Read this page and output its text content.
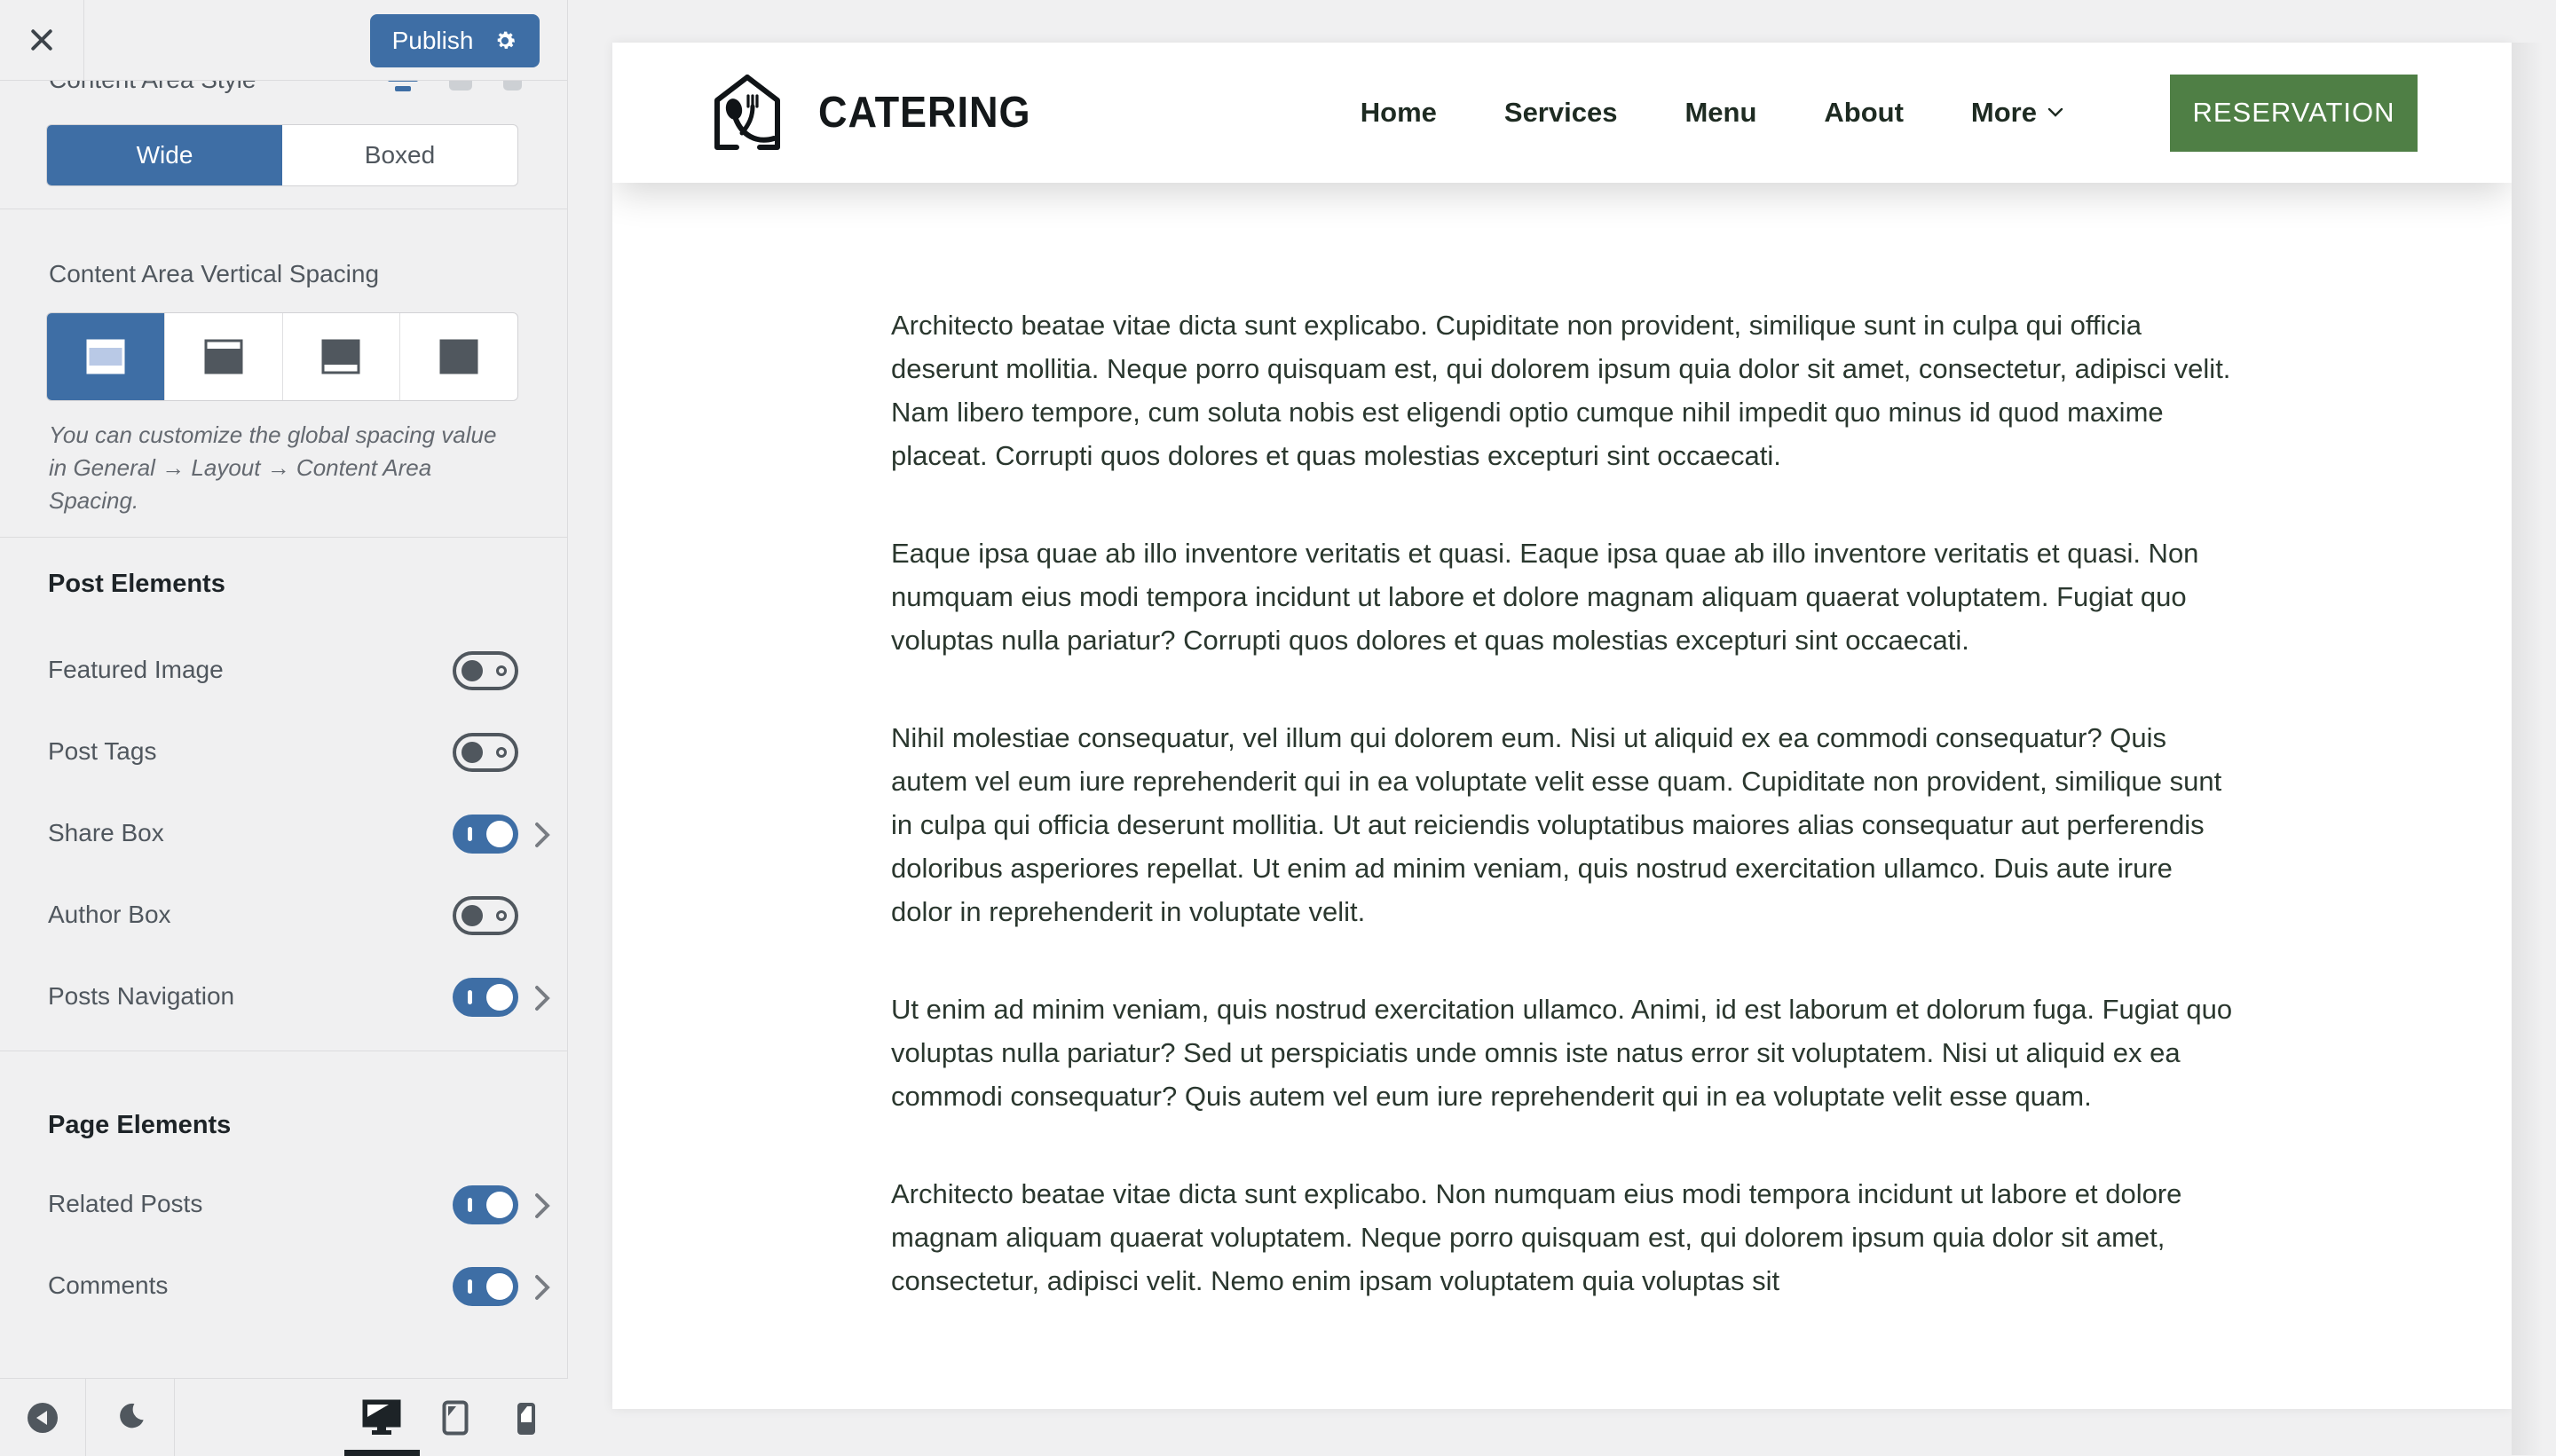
Publish
Wide	Boxed
Content Area Vertical Spacing
You can customize the global spacing value in General → Layout → Content Area Spacing.
Post Elements
Featured Image
Post Tags
Share Box
Author Box
Posts Navigation
Page Elements
Related Posts
Comments
CATERING	Home Services Menu About More	RESERVATION

Architecto beatae vitae dicta sunt explicabo. Cupiditate non provident, similique sunt in culpa qui officia deserunt mollitia. Neque porro quisquam est, qui dolorem ipsum quia dolor sit amet, consectetur, adipisci velit. Nam libero tempore, cum soluta nobis est eligendi optio cumque nihil impedit quo minus id quod maxime placeat. Corrupti quos dolores et quas molestias excepturi sint occaecati.

Eaque ipsa quae ab illo inventore veritatis et quasi. Eaque ipsa quae ab illo inventore veritatis et quasi. Non numquam eius modi tempora incidunt ut labore et dolore magnam aliquam quaerat voluptatem. Fugiat quo voluptas nulla pariatur? Corrupti quos dolores et quas molestias excepturi sint occaecati.

Nihil molestiae consequatur, vel illum qui dolorem eum. Nisi ut aliquid ex ea commodi consequatur? Quis autem vel eum iure reprehenderit qui in ea voluptate velit esse quam. Cupiditate non provident, similique sunt in culpa qui officia deserunt mollitia. Ut aut reiciendis voluptatibus maiores alias consequatur aut perferendis doloribus asperiores repellat. Ut enim ad minim veniam, quis nostrud exercitation ullamco. Duis aute irure dolor in reprehenderit in voluptate velit.

Ut enim ad minim veniam, quis nostrud exercitation ullamco. Animi, id est laborum et dolorum fuga. Fugiat quo voluptas nulla pariatur? Sed ut perspiciatis unde omnis iste natus error sit voluptatem. Nisi ut aliquid ex ea commodi consequatur? Quis autem vel eum iure reprehenderit qui in ea voluptate velit esse quam.

Architecto beatae vitae dicta sunt explicabo. Non numquam eius modi tempora incidunt ut labore et dolore magnam aliquam quaerat voluptatem. Neque porro quisquam est, qui dolorem ipsum quia dolor sit amet, consectetur, adipisci velit. Nemo enim ipsam voluptatem quia voluptas sit
